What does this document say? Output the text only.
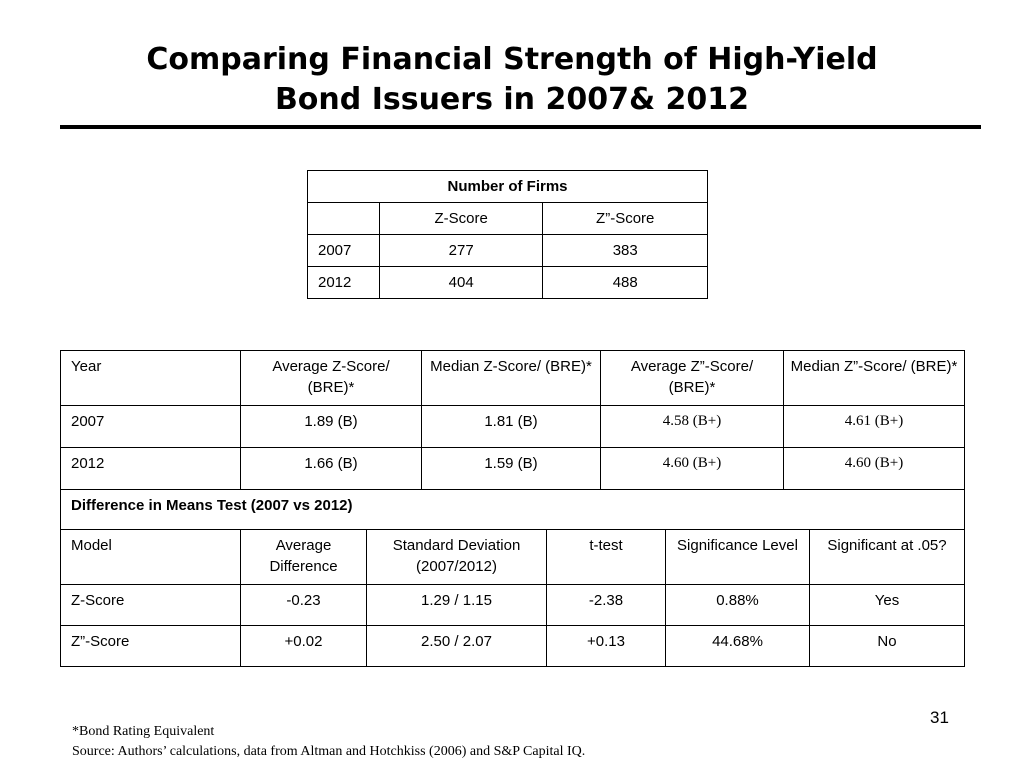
Comparing Financial Strength of High-Yield
Bond Issuers in 2007& 2012
Number of Firms		
	Z-Score	Z”-Score
2007	277	383
2012	404	488
Year	Average Z-Score/ (BRE)*		Median Z-Score/ (BRE)*		Average Z”-Score/ (BRE)*		Median Z”-Score/ (BRE)*	
2007	1.89 (B)		1.81 (B)		4.58 (B+)		4.61 (B+)	
2012	1.66 (B)		1.59 (B)		4.60 (B+)		4.60 (B+)	
Difference in Means Test (2007 vs 2012)								
Model	Average Difference	Standard Deviation (2007/2012)		t-test		Significance Level		Significant at .05?
Z-Score	-0.23	1.29 / 1.15		-2.38		0.88%		Yes
Z”-Score	+0.02	2.50 / 2.07		+0.13		44.68%		No
31
*Bond Rating Equivalent
Source: Authors’ calculations, data from Altman and Hotchkiss (2006) and S&P Capital IQ.
